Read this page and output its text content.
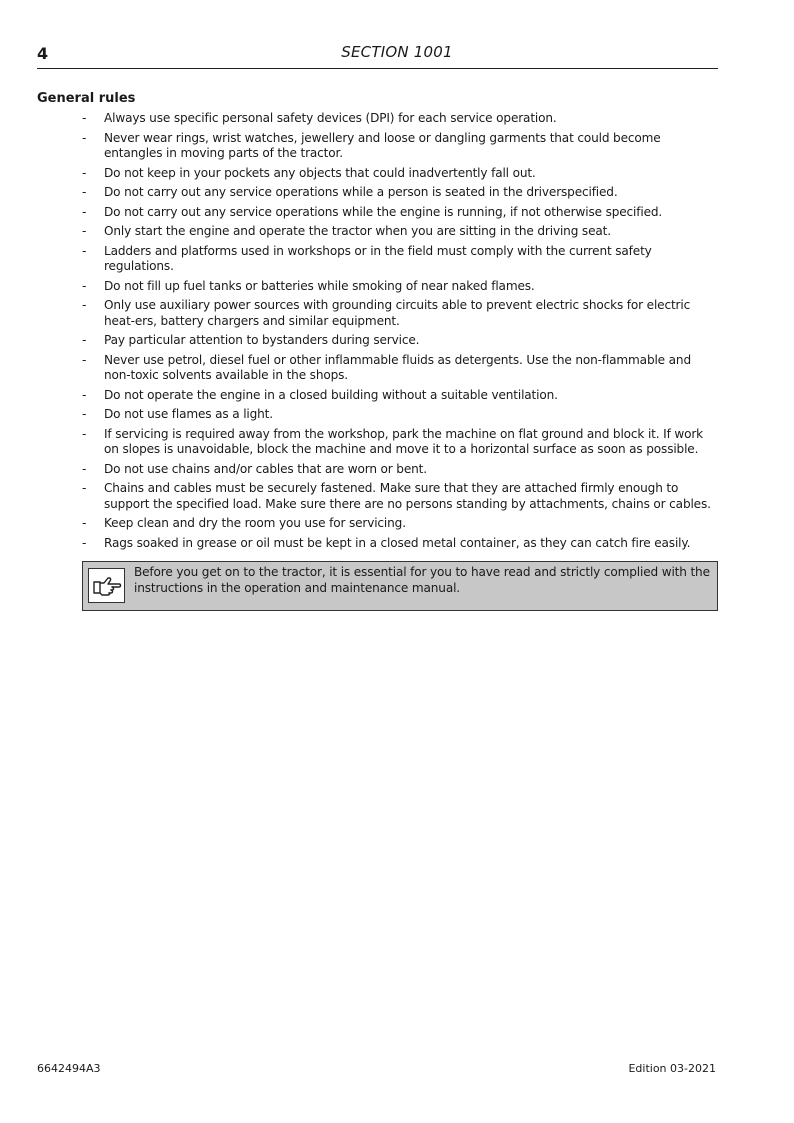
4	SECTION 1001
General rules
-	Always use specific personal safety devices (DPI) for each service operation.
-	Never wear rings, wrist watches, jewellery and loose or dangling garments that could become entangles in moving parts of the tractor.
-	Do not keep in your pockets any objects that could inadvertently fall out.
-	Do not carry out any service operations while a person is seated in the driverspecified.
-	Do not carry out any service operations while the engine is running, if not otherwise specified.
-	Only start the engine and operate the tractor when you are sitting in the driving seat.
-	Ladders and platforms used in workshops or in the field must comply with the current safety regulations.
-	Do not fill up fuel tanks or batteries while smoking of near naked flames.
-	Only use auxiliary power sources with grounding circuits able to prevent electric shocks for electric heat-ers, battery chargers and similar equipment.
-	Pay particular attention to bystanders during service.
-	Never use petrol, diesel fuel or other inflammable fluids as detergents. Use the non-flammable and non-toxic solvents available in the shops.
-	Do not operate the engine in a closed building without a suitable ventilation.
-	Do not use flames as a light.
-	If servicing is required away from the workshop, park the machine on flat ground and block it. If work on slopes is unavoidable, block the machine and move it to a horizontal surface as soon as possible.
-	Do not use chains and/or cables that are worn or bent.
-	Chains and cables must be securely fastened. Make sure that they are attached firmly enough to support the specified load. Make sure there are no persons standing by attachments, chains or cables.
-	Keep clean and dry the room you use for servicing.
-	Rags soaked in grease or oil must be kept in a closed metal container, as they can catch fire easily.
Before you get on to the tractor, it is essential for you to have read and strictly complied with the instructions in the operation and maintenance manual.
6642494A3	Edition 03-2021
